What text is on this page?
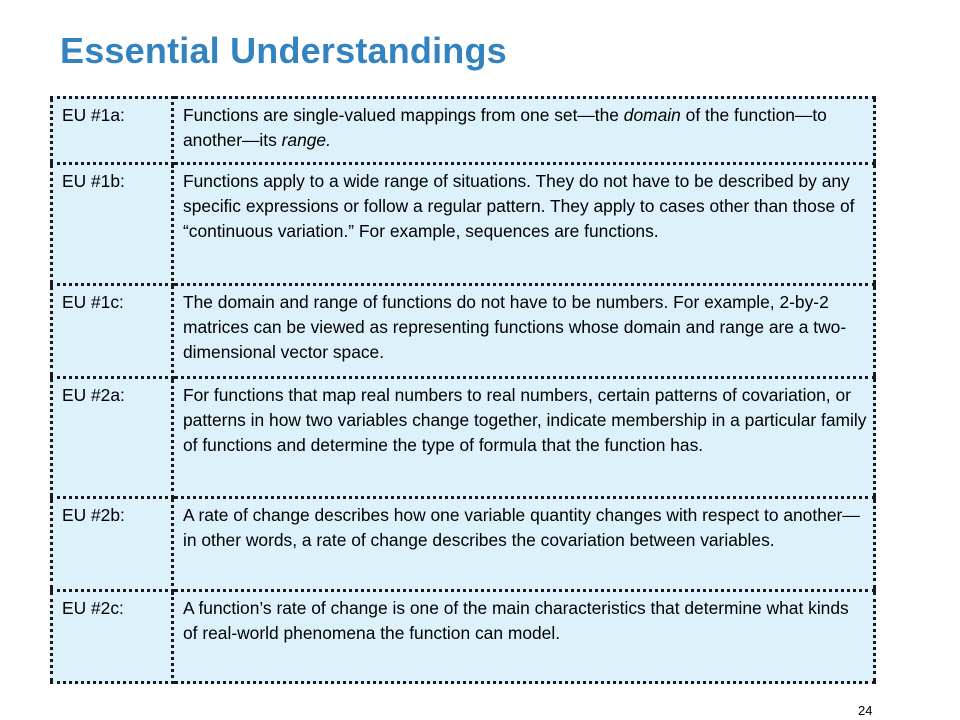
Essential Understandings
EU #1a:	Functions are single-valued mappings from one set—the domain of the function—to another—its range.
EU #1b:	Functions apply to a wide range of situations. They do not have to be described by any specific expressions or follow a regular pattern. They apply to cases other than those of “continuous variation.” For example, sequences are functions.
EU #1c:	The domain and range of functions do not have to be numbers. For example, 2-by-2 matrices can be viewed as representing functions whose domain and range are a two-dimensional vector space.
EU #2a:	For functions that map real numbers to real numbers, certain patterns of covariation, or patterns in how two variables change together, indicate membership in a particular family of functions and determine the type of formula that the function has.
EU #2b:	A rate of change describes how one variable quantity changes with respect to another—in other words, a rate of change describes the covariation between variables.
EU #2c:	A function’s rate of change is one of the main characteristics that determine what kinds of real-world phenomena the function can model.
24
